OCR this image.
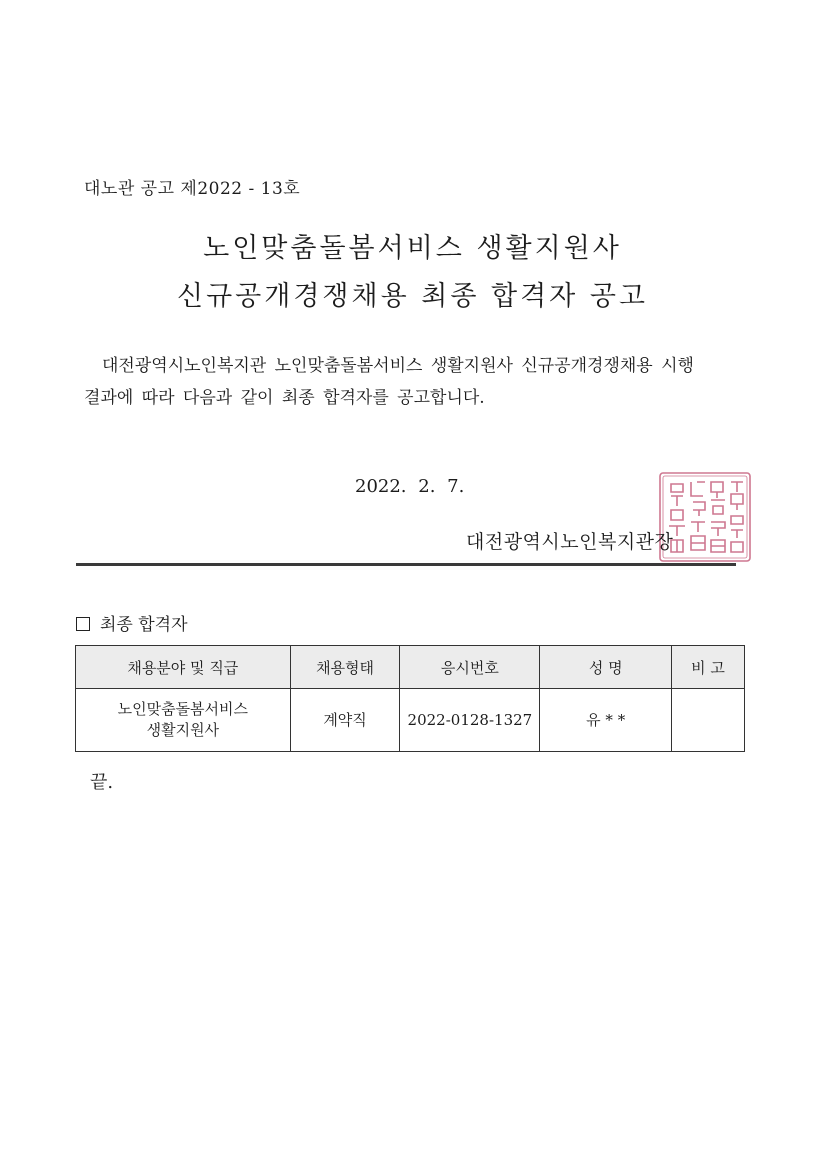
대노관 공고 제2022 - 13호
노인맞춤돌봄서비스 생활지원사
신규공개경쟁채용 최종 합격자 공고
대전광역시노인복지관 노인맞춤돌봄서비스 생활지원사 신규공개경쟁채용 시행
결과에 따라 다음과 같이 최종 합격자를 공고합니다.
2022. 2. 7.
대전광역시노인복지관장
최종 합격자
채용분야 및 직급	채용형태	응시번호	성 명	비 고

노인맞춤돌봄서비스
생활지원사	계약직	2022-0128-1327	유 * *	
끝.
